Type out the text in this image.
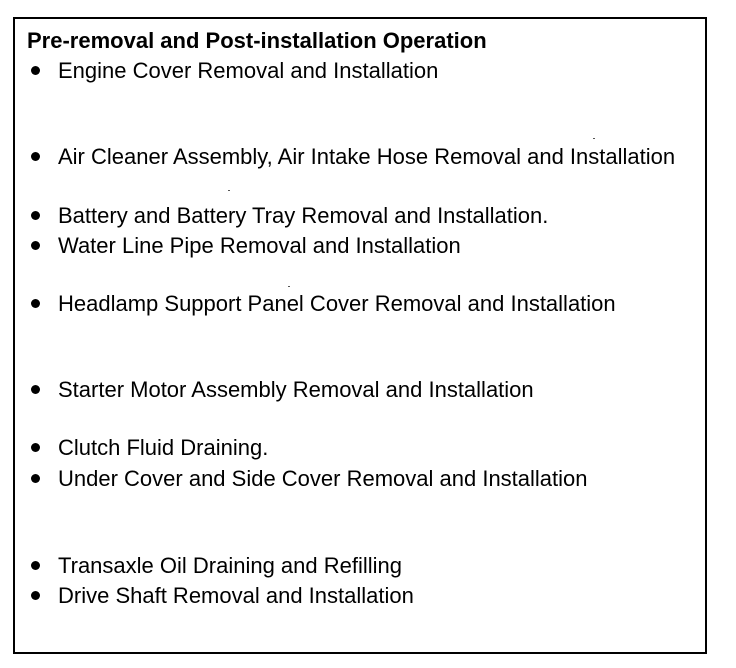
Pre-removal and Post-installation Operation
Engine Cover Removal and Installation
Air Cleaner Assembly, Air Intake Hose Removal and Installation
Battery and Battery Tray Removal and Installation.
Water Line Pipe Removal and Installation
Headlamp Support Panel Cover Removal and Installation
Starter Motor Assembly Removal and Installation
Clutch Fluid Draining.
Under Cover and Side Cover Removal and Installation
Transaxle Oil Draining and Refilling
Drive Shaft Removal and Installation
